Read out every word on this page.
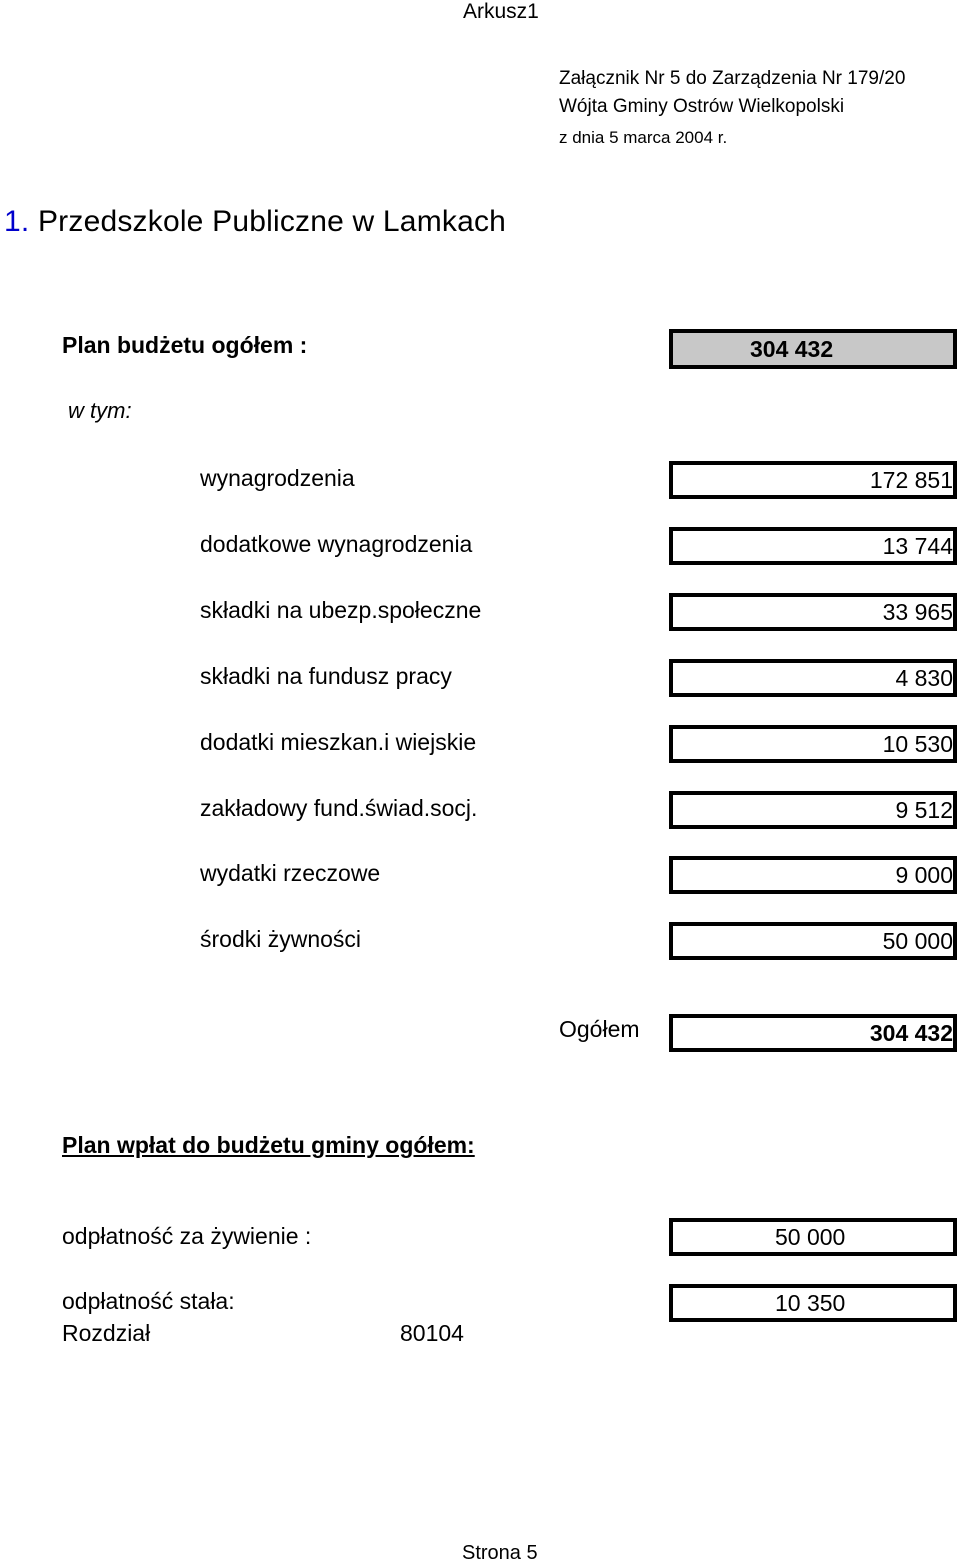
Arkusz1
Załącznik Nr 5 do Zarządzenia Nr 179/20
Wójta Gminy Ostrów Wielkopolski
z dnia 5 marca 2004 r.
1. Przedszkole Publiczne w Lamkach
Plan budżetu ogółem :	304 432
w tym:
wynagrodzenia	172 851
dodatkowe wynagrodzenia	13 744
składki na ubezp.społeczne	33 965
składki na fundusz pracy	4 830
dodatki mieszkan.i wiejskie	10 530
zakładowy fund.świad.socj.	9 512
wydatki rzeczowe	9 000
środki żywności	50 000
Ogółem	304 432
Plan wpłat do budżetu gminy ogółem:
odpłatność za żywienie :	50 000
odpłatność stała:	10 350
Rozdział	80104
Strona 5
